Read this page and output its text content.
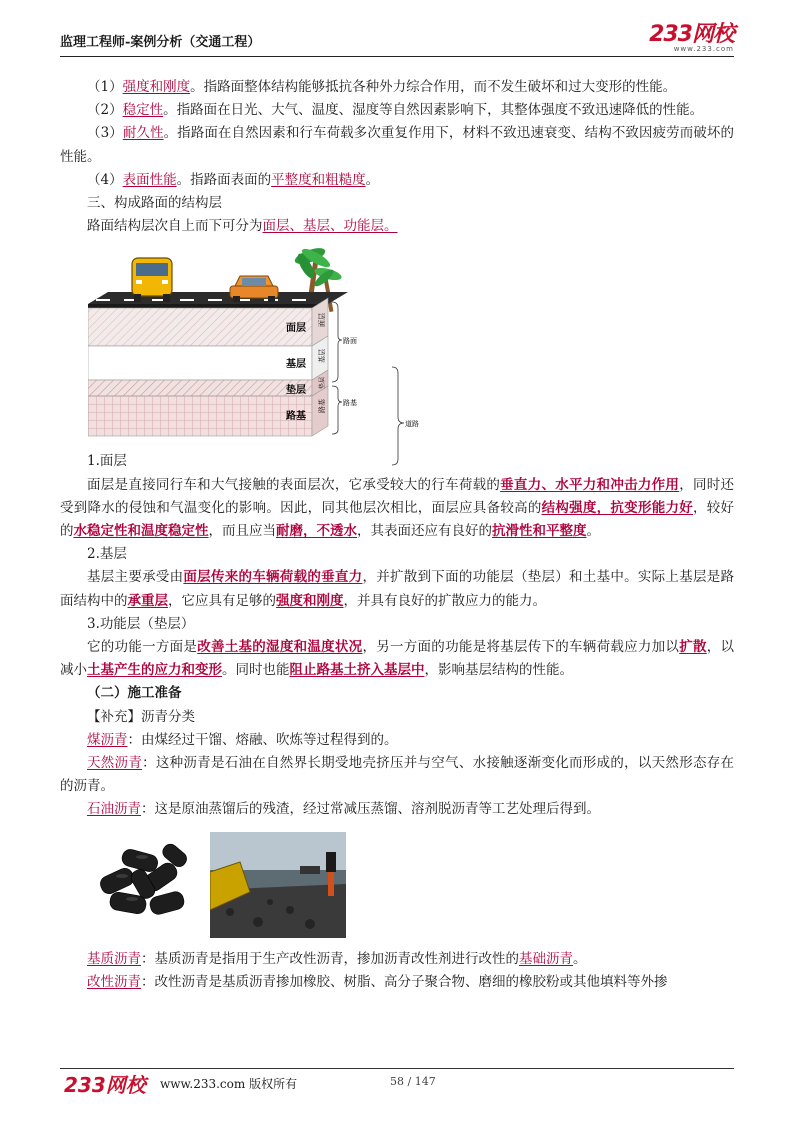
监理工程师-案例分析（交通工程）	233网校
www.233.com

（1）强度和刚度。指路面整体结构能够抵抗各种外力综合作用，而不发生破坏和过大变形的性能。

（2）稳定性。指路面在日光、大气、温度、湿度等自然因素影响下，其整体强度不致迅速降低的性能。

（3）耐久性。指路面在自然因素和行车荷载多次重复作用下，材料不致迅速衰变、结构不致因疲劳而破坏的性能。

（4）表面性能。指路面表面的平整度和粗糙度。

三、构成路面的结构层

路面结构层次自上而下可分为面层、基层、功能层。

面层
基层
垫层
路基
面层
基层
垫层
路基
路面
路基
道路

1.面层

面层是直接同行车和大气接触的表面层次，它承受较大的行车荷载的垂直力、水平力和冲击力作用，同时还受到降水的侵蚀和气温变化的影响。因此，同其他层次相比，面层应具备较高的结构强度，抗变形能力好，较好的水稳定性和温度稳定性，而且应当耐磨，不透水，其表面还应有良好的抗滑性和平整度。

2.基层

基层主要承受由面层传来的车辆荷载的垂直力，并扩散到下面的功能层（垫层）和土基中。实际上基层是路面结构中的承重层，它应具有足够的强度和刚度，并具有良好的扩散应力的能力。

3.功能层（垫层）

它的功能一方面是改善土基的湿度和温度状况，另一方面的功能是将基层传下的车辆荷载应力加以扩散，以减小土基产生的应力和变形。同时也能阻止路基土挤入基层中，影响基层结构的性能。

（二）施工准备

【补充】沥青分类

煤沥青：由煤经过干馏、熔融、吹炼等过程得到的。

天然沥青：这种沥青是石油在自然界长期受地壳挤压并与空气、水接触逐渐变化而形成的，以天然形态存在的沥青。

石油沥青：这是原油蒸馏后的残渣，经过常减压蒸馏、溶剂脱沥青等工艺处理后得到。

基质沥青：基质沥青是指用于生产改性沥青，掺加沥青改性剂进行改性的基础沥青。

改性沥青：改性沥青是基质沥青掺加橡胶、树脂、高分子聚合物、磨细的橡胶粉或其他填料等外掺

233网校 www.233.com 版权所有	58 / 147
